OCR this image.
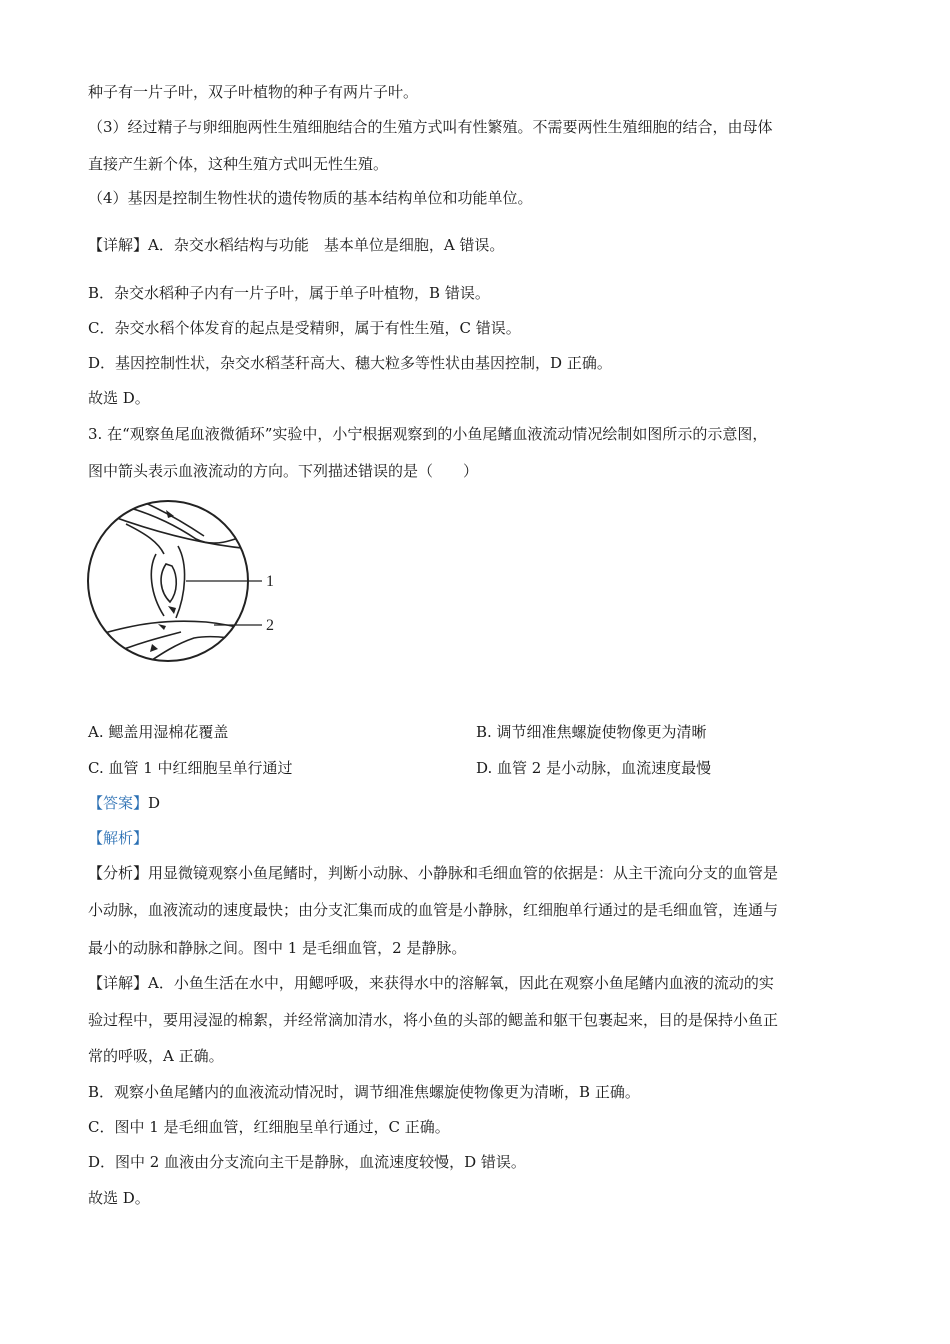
种子有一片子叶，双子叶植物的种子有两片子叶。
（3）经过精子与卵细胞两性生殖细胞结合的生殖方式叫有性繁殖。不需要两性生殖细胞的结合，由母体
直接产生新个体，这种生殖方式叫无性生殖。
（4）基因是控制生物性状的遗传物质的基本结构单位和功能单位。
【详解】A．杂交水稻结构与功能　基本单位是细胞，A 错误。
B．杂交水稻种子内有一片子叶，属于单子叶植物，B 错误。
C．杂交水稻个体发育的起点是受精卵，属于有性生殖，C 错误。
D．基因控制性状，杂交水稻茎秆高大、穗大粒多等性状由基因控制，D 正确。
故选 D。
3. 在“观察鱼尾血液微循环”实验中，小宁根据观察到的小鱼尾鳍血液流动情况绘制如图所示的示意图，
图中箭头表示血液流动的方向。下列描述错误的是（　　）
1
2
A. 鳃盖用湿棉花覆盖	B. 调节细准焦螺旋使物像更为清晰
C. 血管 1 中红细胞呈单行通过	D. 血管 2 是小动脉，血流速度最慢
【答案】D
【解析】
【分析】用显微镜观察小鱼尾鳍时，判断小动脉、小静脉和毛细血管的依据是：从主干流向分支的血管是
小动脉，血液流动的速度最快；由分支汇集而成的血管是小静脉，红细胞单行通过的是毛细血管，连通与
最小的动脉和静脉之间。图中 1 是毛细血管，2 是静脉。
【详解】A．小鱼生活在水中，用鳃呼吸，来获得水中的溶解氧，因此在观察小鱼尾鳍内血液的流动的实
验过程中，要用浸湿的棉絮，并经常滴加清水，将小鱼的头部的鳃盖和躯干包裹起来，目的是保持小鱼正
常的呼吸，A 正确。
B．观察小鱼尾鳍内的血液流动情况时，调节细准焦螺旋使物像更为清晰，B 正确。
C．图中 1 是毛细血管，红细胞呈单行通过，C 正确。
D．图中 2 血液由分支流向主干是静脉，血流速度较慢，D 错误。
故选 D。
